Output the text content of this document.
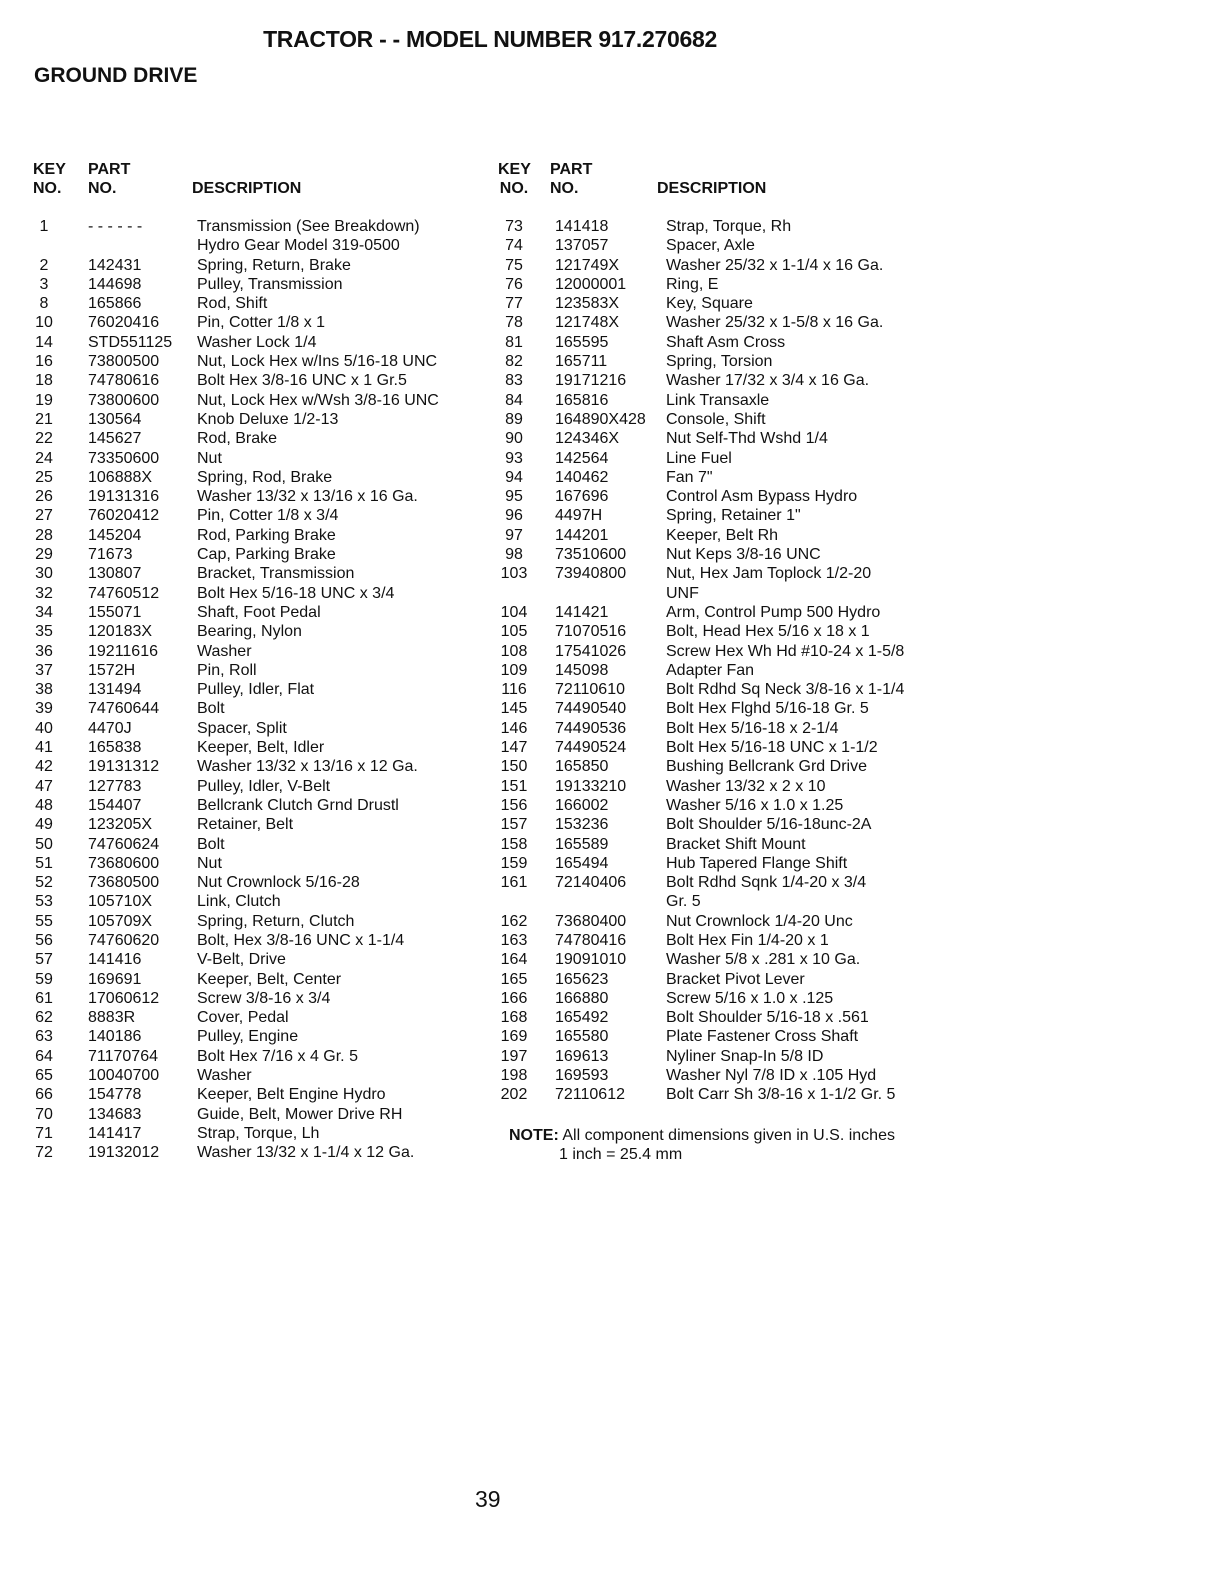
TRACTOR - - MODEL NUMBER 917.270682
GROUND DRIVE
KEY
NO.
PART
NO.	DESCRIPTION
1	- - - - - -	Transmission (See Breakdown)
Hydro Gear Model 319-0500
2	142431	Spring, Return, Brake
3	144698	Pulley, Transmission
8	165866	Rod, Shift
10 76020416 Pin, Cotter 1/8 x 1
14 STD551125 Washer Lock 1/4
16 73800500 Nut, Lock Hex w/Ins 5/16-18 UNC
18 74780616 Bolt Hex 3/8-16 UNC x 1 Gr.5
19 73800600 Nut, Lock Hex w/Wsh 3/8-16 UNC
21 130564	Knob Deluxe 1/2-13
22 145627	Rod, Brake
24 73350600 Nut
25 106888X	Spring, Rod, Brake
26 19131316 Washer 13/32 x 13/16 x 16 Ga.
27 76020412 Pin, Cotter 1/8 x 3/4
28 145204	Rod, Parking Brake
29 71673	Cap, Parking Brake
30 130807	Bracket, Transmission
32 74760512 Bolt Hex 5/16-18 UNC x 3/4
34 155071	Shaft, Foot Pedal
35 120183X	Bearing, Nylon
36 19211616 Washer
37 1572H	Pin, Roll
38 131494	Pulley, Idler, Flat
39 74760644 Bolt
40 4470J	Spacer, Split
41 165838	Keeper, Belt, Idler
42 19131312 Washer 13/32 x 13/16 x 12 Ga.
47 127783	Pulley, Idler, V-Belt
48 154407	Bellcrank Clutch Grnd Drustl
49 123205X	Retainer, Belt
50 74760624 Bolt
51 73680600 Nut
52 73680500 Nut Crownlock 5/16-28
53 105710X	Link, Clutch
55 105709X	Spring, Return, Clutch
56 74760620 Bolt, Hex 3/8-16 UNC x 1-1/4
57 141416	V-Belt, Drive
59 169691	Keeper, Belt, Center
61 17060612 Screw 3/8-16 x 3/4
62 8883R	Cover, Pedal
63 140186	Pulley, Engine
64 71170764 Bolt Hex 7/16 x 4 Gr. 5
65 10040700 Washer
66 154778	Keeper, Belt Engine Hydro
70 134683	Guide, Belt, Mower Drive RH
71 141417	Strap, Torque, Lh
72 19132012 Washer 13/32 x 1-1/4 x 12 Ga.
KEY
NO.
PART
NO.	DESCRIPTION
73	141418	Strap, Torque, Rh
74	137057	Spacer, Axle
75	121749X	Washer 25/32 x 1-1/4 x 16 Ga.
76	12000001 Ring, E
77	123583X	Key, Square
78	121748X	Washer 25/32 x 1-5/8 x 16 Ga.
81	165595	Shaft Asm Cross
82	165711	Spring, Torsion
83	19171216 Washer 17/32 x 3/4 x 16 Ga.
84	165816	Link Transaxle
89	164890X428 Console, Shift
90	124346X	Nut Self-Thd Wshd 1/4
93	142564	Line Fuel
94	140462	Fan 7"
95	167696	Control Asm Bypass Hydro
96	4497H	Spring, Retainer 1"
97	144201	Keeper, Belt Rh
98	73510600 Nut Keps 3/8-16 UNC
103 73940800 Nut, Hex Jam Toplock 1/2-20
UNF
104 141421	Arm, Control Pump 500 Hydro
105 71070516 Bolt, Head Hex 5/16 x 18 x 1
108 17541026 Screw Hex Wh Hd #10-24 x 1-5/8
109 145098	Adapter Fan
116 72110610	Bolt Rdhd Sq Neck 3/8-16 x 1-1/4
145 74490540 Bolt Hex Flghd 5/16-18 Gr. 5
146 74490536 Bolt Hex 5/16-18 x 2-1/4
147 74490524 Bolt Hex 5/16-18 UNC x 1-1/2
150 165850	Bushing Bellcrank Grd Drive
151 19133210 Washer 13/32 x 2 x 10
156 166002	Washer 5/16 x 1.0 x 1.25
157 153236	Bolt Shoulder 5/16-18unc-2A
158 165589	Bracket Shift Mount
159 165494	Hub Tapered Flange Shift
161 72140406 Bolt Rdhd Sqnk 1/4-20 x 3/4
Gr. 5
162 73680400 Nut Crownlock 1/4-20 Unc
163 74780416 Bolt Hex Fin 1/4-20 x 1
164 19091010 Washer 5/8 x .281 x 10 Ga.
165 165623	Bracket Pivot Lever
166 166880	Screw 5/16 x 1.0 x .125
168 165492	Bolt Shoulder 5/16-18 x .561
169 165580	Plate Fastener Cross Shaft
197 169613	Nyliner Snap-In 5/8 ID
198 169593	Washer Nyl 7/8 ID x .105 Hyd
202 72110612	Bolt Carr Sh 3/8-16 x 1-1/2 Gr. 5
NOTE: All component dimensions given in U.S. inches
1 inch = 25.4 mm
39
